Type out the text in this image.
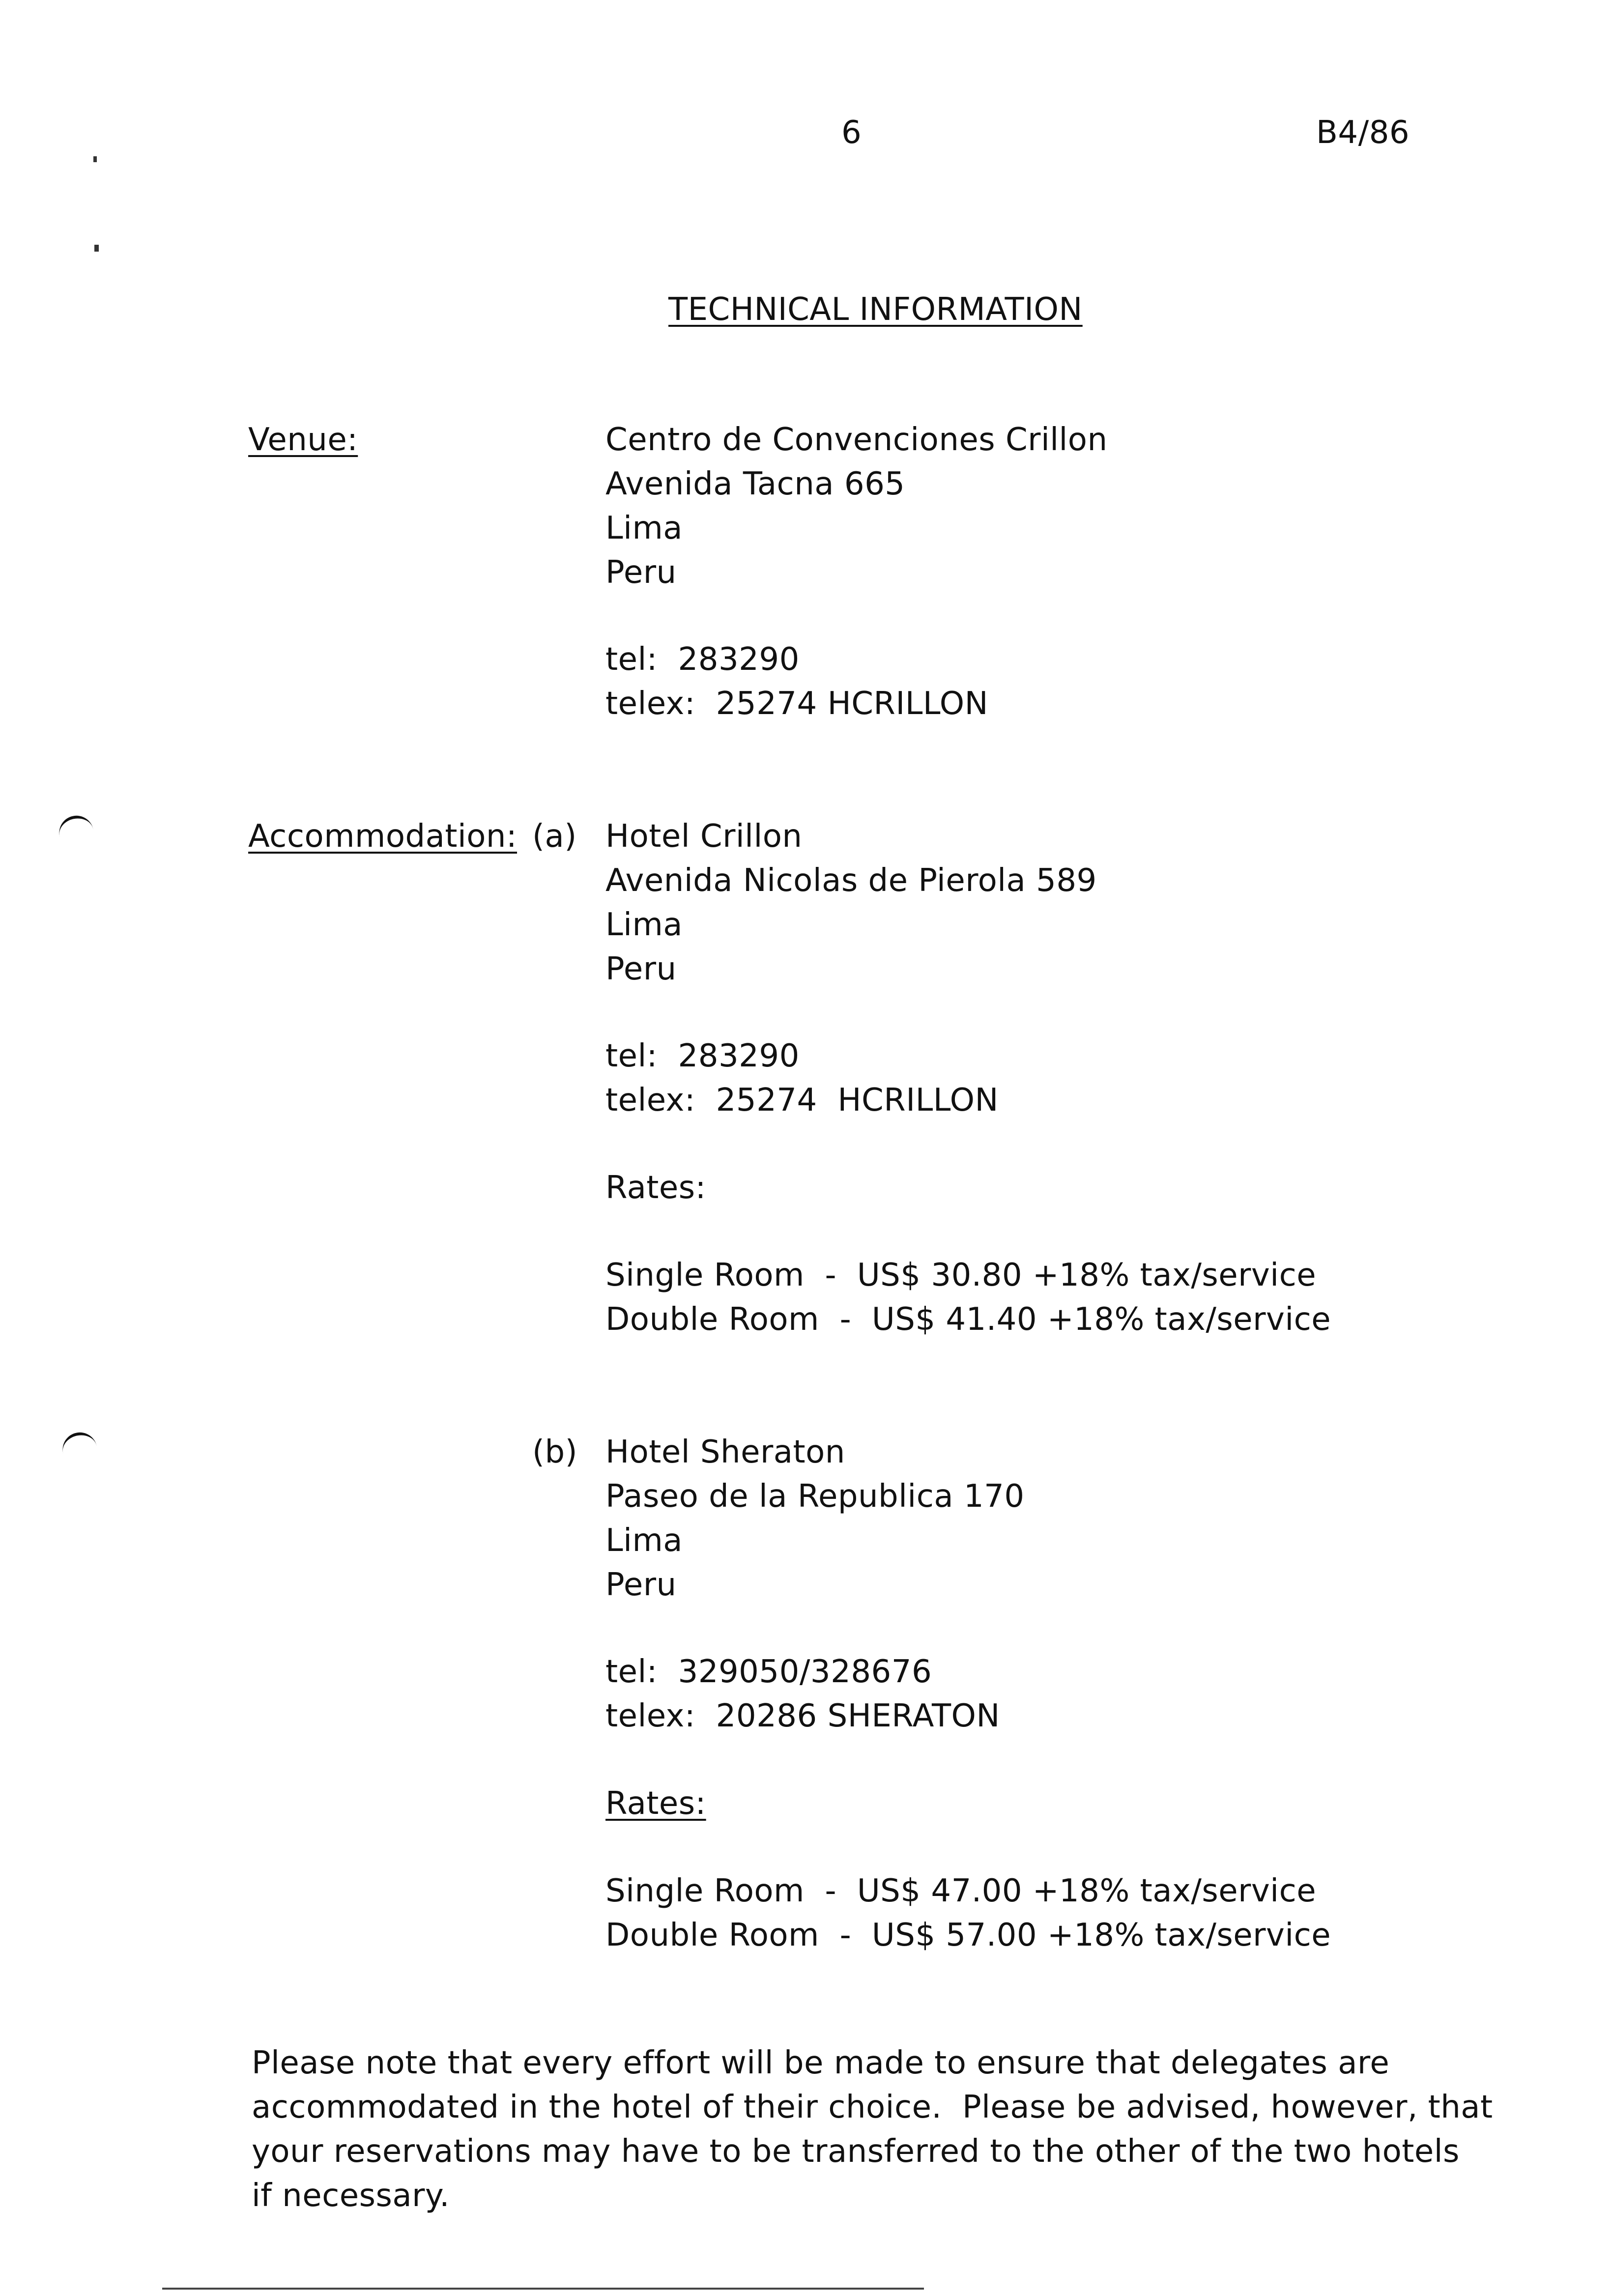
6	B4/86
TECHNICAL INFORMATION
Venue:	Centro de Convenciones Crillon
Avenida Tacna 665
Lima
Peru
tel:  283290
telex:  25274 HCRILLON
Accommodation: (a) Hotel Crillon
Avenida Nicolas de Pierola 589
Lima
Peru
tel:  283290
telex:  25274  HCRILLON
Rates:
Single Room  -  US$ 30.80 +18% tax/service
Double Room  -  US$ 41.40 +18% tax/service
(b) Hotel Sheraton
Paseo de la Republica 170
Lima
Peru
tel:  329050/328676
telex:  20286 SHERATON
Rates:
Single Room  -  US$ 47.00 +18% tax/service
Double Room  -  US$ 57.00 +18% tax/service
Please note that every effort will be made to ensure that delegates are
accommodated in the hotel of their choice.  Please be advised, however, that
your reservations may have to be transferred to the other of the two hotels
if necessary.
